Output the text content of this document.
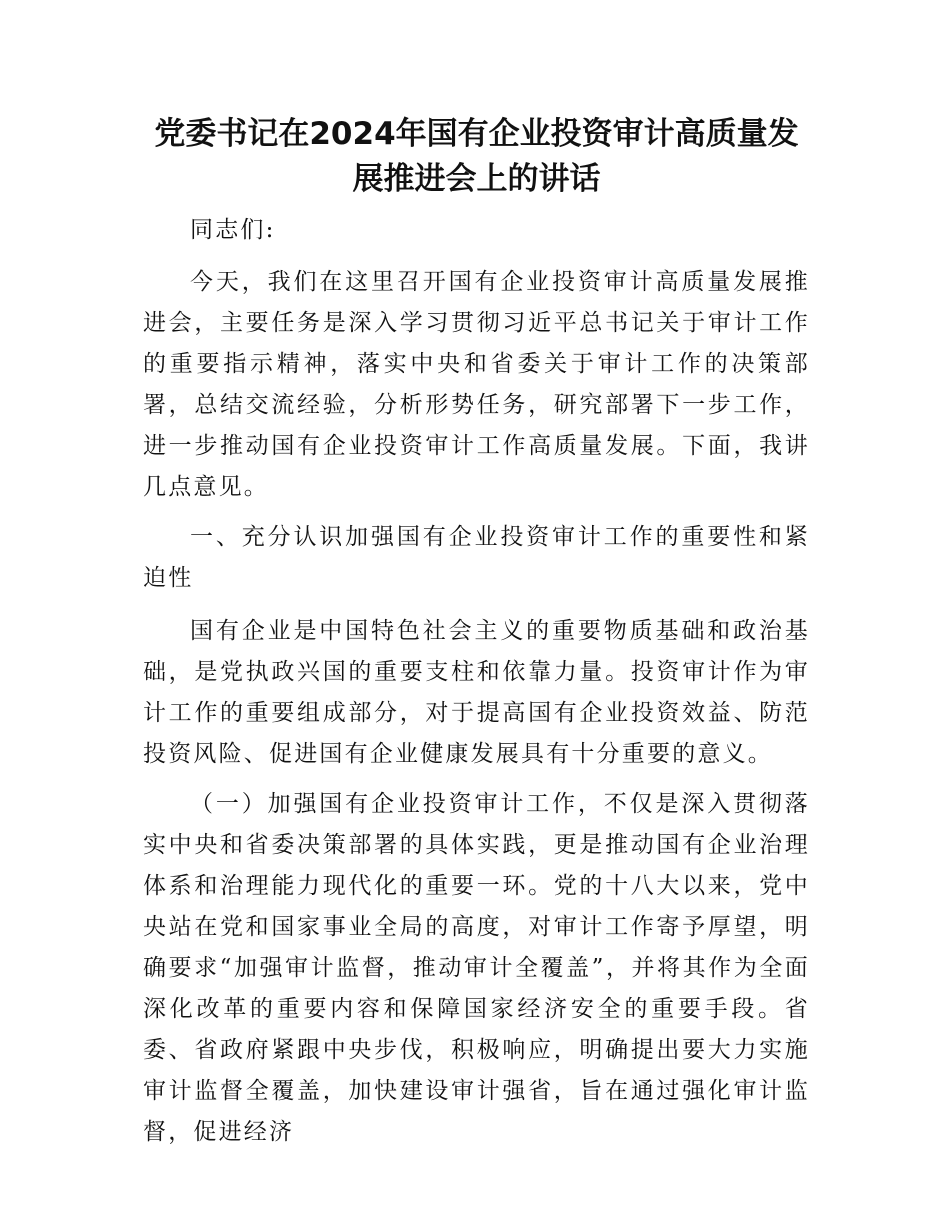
党委书记在2024年国有企业投资审计高质量发展推进会上的讲话

同志们:

今天，我们在这里召开国有企业投资审计高质量发展推进会，主要任务是深入学习贯彻习近平总书记关于审计工作的重要指示精神，落实中央和省委关于审计工作的决策部署，总结交流经验，分析形势任务，研究部署下一步工作，进一步推动国有企业投资审计工作高质量发展。下面，我讲几点意见。

一、充分认识加强国有企业投资审计工作的重要性和紧迫性

国有企业是中国特色社会主义的重要物质基础和政治基础，是党执政兴国的重要支柱和依靠力量。投资审计作为审计工作的重要组成部分，对于提高国有企业投资效益、防范投资风险、促进国有企业健康发展具有十分重要的意义。

（一）加强国有企业投资审计工作，不仅是深入贯彻落实中央和省委决策部署的具体实践，更是推动国有企业治理体系和治理能力现代化的重要一环。党的十八大以来，党中央站在党和国家事业全局的高度，对审计工作寄予厚望，明确要求“加强审计监督，推动审计全覆盖”，并将其作为全面深化改革的重要内容和保障国家经济安全的重要手段。省委、省政府紧跟中央步伐，积极响应，明确提出要大力实施审计监督全覆盖，加快建设审计强省，旨在通过强化审计监督，促进经济
